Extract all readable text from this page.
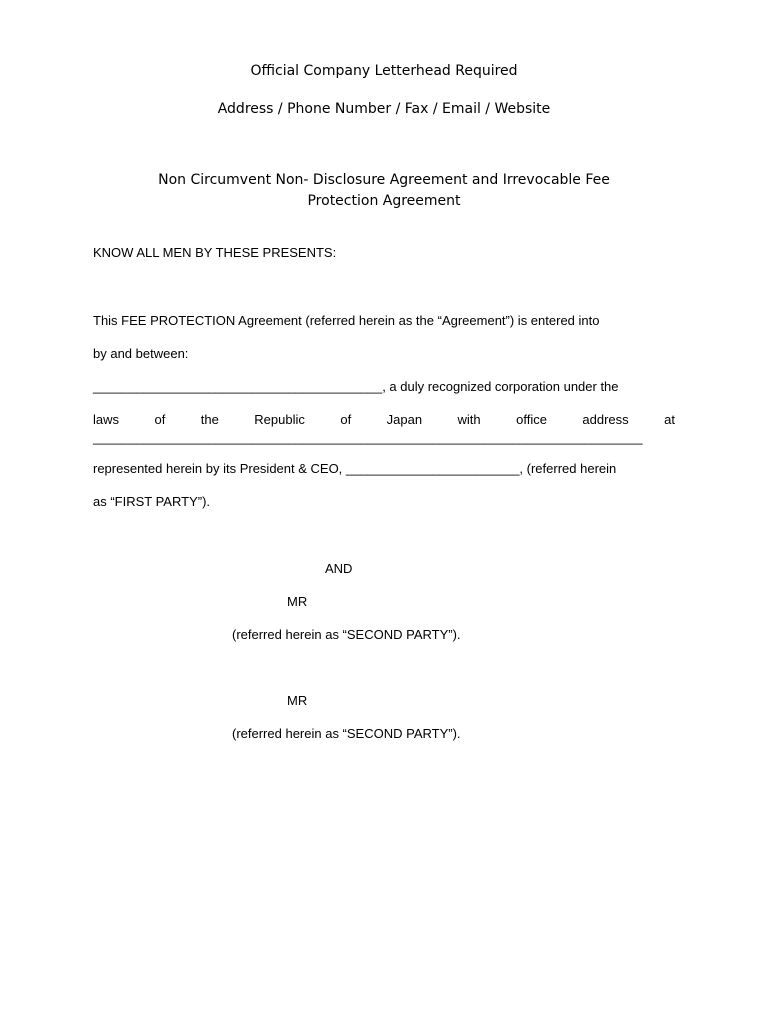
Official Company Letterhead Required
Address / Phone Number / Fax / Email / Website
Non Circumvent Non- Disclosure Agreement and Irrevocable Fee
Protection Agreement
KNOW ALL MEN BY THESE PRESENTS:
This FEE PROTECTION Agreement (referred herein as the “Agreement”) is entered into
by and between:
________________________________________, a duly recognized corporation under the
laws	of	the	Republic	of	Japan	with	office	address	at
____________________________________________________________________________
represented herein by its President & CEO, ________________________, (referred herein
as “FIRST PARTY”).
AND
MR
(referred herein as “SECOND PARTY”).
MR
(referred herein as “SECOND PARTY”).
